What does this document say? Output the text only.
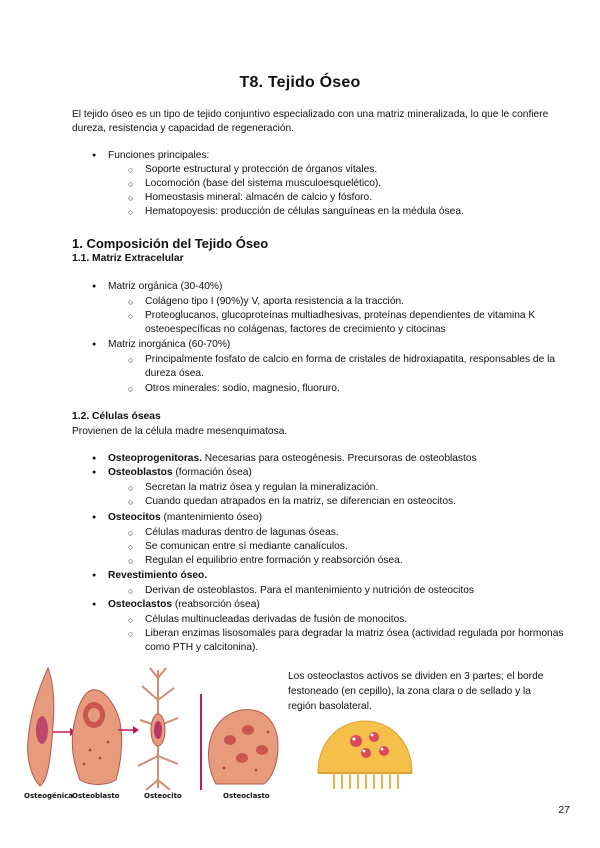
T8. Tejido Óseo
El tejido óseo es un tipo de tejido conjuntivo especializado con una matriz mineralizada, lo que le confiere dureza, resistencia y capacidad de regeneración.
Funciones principales:
Soporte estructural y protección de órganos vitales.
Locomoción (base del sistema musculoesquelético).
Homeostasis mineral: almacén de calcio y fósforo.
Hematopoyesis: producción de células sanguíneas en la médula ósea.
1. Composición del Tejido Óseo
1.1. Matriz Extracelular
Matriz orgánica (30-40%)
Colágeno tipo I (90%)y V, aporta resistencia a la tracción.
Proteoglucanos, glucoproteínas multiadhesivas, proteínas dependientes de vitamina K osteoespecíficas no colágenas, factores de crecimiento y citocinas
Matriz inorgánica (60-70%)
Principalmente fosfato de calcio en forma de cristales de hidroxiapatita, responsables de la dureza ósea.
Otros minerales: sodio, magnesio, fluoruro.
1.2. Células óseas
Provienen de la célula madre mesenquimatosa.
Osteoprogenitoras. Necesarias para osteogénesis. Precursoras de osteoblastos
Osteoblastos (formación ósea)
Secretan la matriz ósea y regulan la mineralización.
Cuando quedan atrapados en la matriz, se diferencian en osteocitos.
Osteocitos (mantenimiento óseo)
Células maduras dentro de lagunas óseas.
Se comunican entre sí mediante canalículos.
Regulan el equilibrio entre formación y reabsorción ósea.
Revestimiento óseo.
Derivan de osteoblastos. Para el mantenimiento y nutrición de osteocitos
Osteoclastos (reabsorción ósea)
Células multinucleadas derivadas de fusión de monocitos.
Liberan enzimas lisosomales para degradar la matriz ósea (actividad regulada por hormonas como PTH y calcitonina).
Osteogénica
Osteoblasto	Osteocito	Osteoclasto
Los osteoclastos activos se dividen en 3 partes; el borde festoneado (en cepillo), la zona clara o de sellado y la región basolateral.
27
